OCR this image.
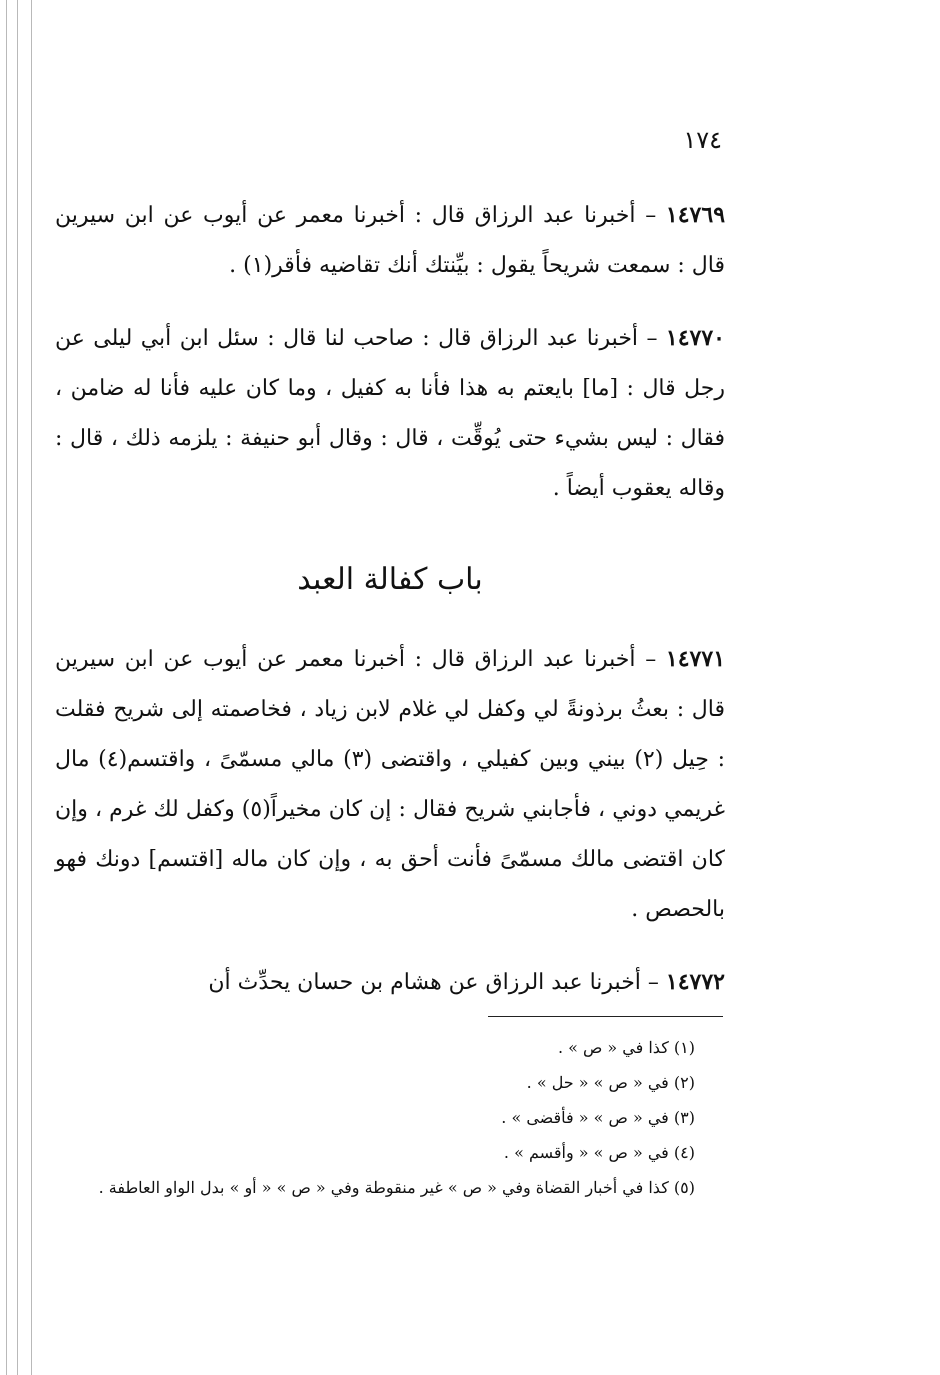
١٧٤

١٤٧٦٩ – أخبرنا عبد الرزاق قال : أخبرنا معمر عن أيوب عن ابن سيرين قال : سمعت شريحاً يقول : بيِّنتك أنك تقاضيه فأقر(١) .

١٤٧٧٠ – أخبرنا عبد الرزاق قال : صاحب لنا قال : سئل ابن أبي ليلى عن رجل قال : [ما] بايعتم به هذا فأنا به كفيل ، وما كان عليه فأنا له ضامن ، فقال : ليس بشيء حتى يُوقِّت ، قال : وقال أبو حنيفة : يلزمه ذلك ، قال : وقاله يعقوب أيضاً .

باب كفالة العبد

١٤٧٧١ – أخبرنا عبد الرزاق قال : أخبرنا معمر عن أيوب عن ابن سيرين قال : بعثُ برذونةً لي وكفل لي غلام لابن زياد ، فخاصمته إلى شريح فقلت : حِيل (٢) بيني وبين كفيلي ، واقتضى (٣) مالي مسمّىً ، واقتسم(٤) مال غريمي دوني ، فأجابني شريح فقال : إن كان مخيراً(٥) وكفل لك غرم ، وإن كان اقتضى مالك مسمّىً فأنت أحق به ، وإن كان ماله [اقتسم] دونك فهو بالحصص .

١٤٧٧٢ – أخبرنا عبد الرزاق عن هشام بن حسان يحدِّث أن

(١) كذا في « ص » .

(٢) في « ص » « حل » .

(٣) في « ص » « فأقضى » .

(٤) في « ص » « وأقسم » .

(٥) كذا في أخبار القضاة وفي « ص » غير منقوطة وفي « ص » « أو » بدل الواو العاطفة .
